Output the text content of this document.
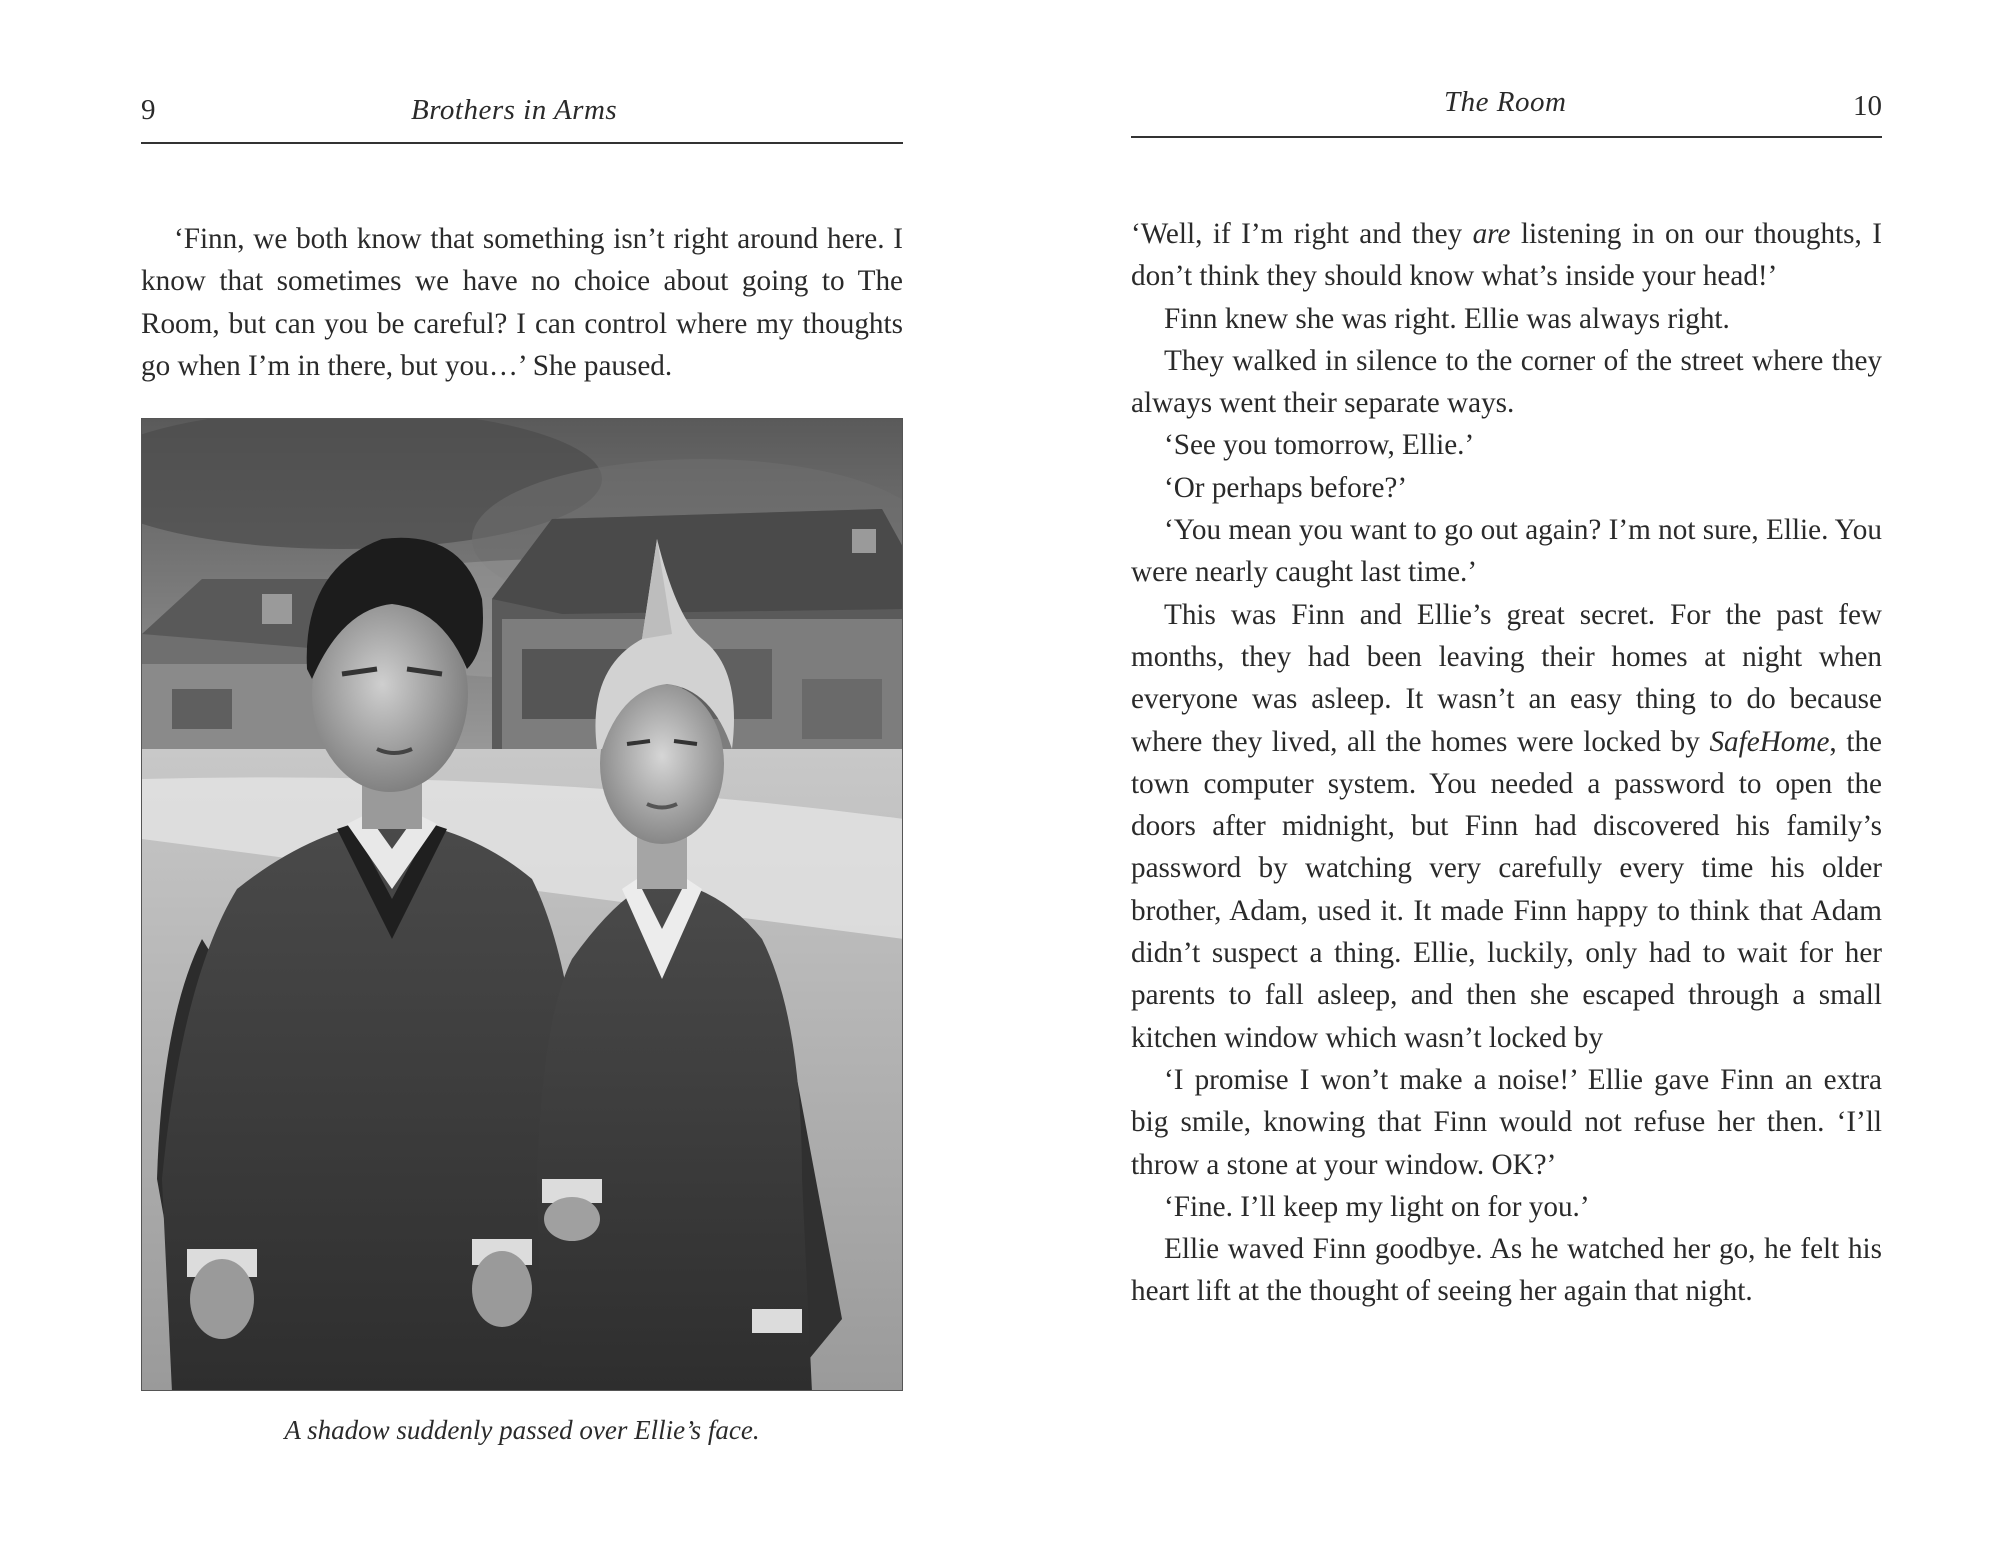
9	Brothers in Arms

‘Finn, we both know that something isn’t right around here. I know that sometimes we have no choice about going to The Room, but can you be careful? I can control where my thoughts go when I’m in there, but you…’ She paused.

A shadow suddenly passed over Ellie’s face.
The Room	10

‘Well, if I’m right and they are listening in on our thoughts, I don’t think they should know what’s inside your head!’

Finn knew she was right. Ellie was always right.

They walked in silence to the corner of the street where they always went their separate ways.

‘See you tomorrow, Ellie.’

‘Or perhaps before?’

‘You mean you want to go out again? I’m not sure, Ellie. You were nearly caught last time.’

This was Finn and Ellie’s great secret. For the past few months, they had been leaving their homes at night when everyone was asleep. It wasn’t an easy thing to do because where they lived, all the homes were locked by SafeHome, the town computer system. You needed a password to open the doors after midnight, but Finn had discovered his family’s password by watching very carefully every time his older brother, Adam, used it. It made Finn happy to think that Adam didn’t suspect a thing. Ellie, luckily, only had to wait for her parents to fall asleep, and then she escaped through a small kitchen window which wasn’t locked by

‘I promise I won’t make a noise!’ Ellie gave Finn an extra big smile, knowing that Finn would not refuse her then. ‘I’ll throw a stone at your window. OK?’

‘Fine. I’ll keep my light on for you.’

Ellie waved Finn goodbye. As he watched her go, he felt his heart lift at the thought of seeing her again that night.
